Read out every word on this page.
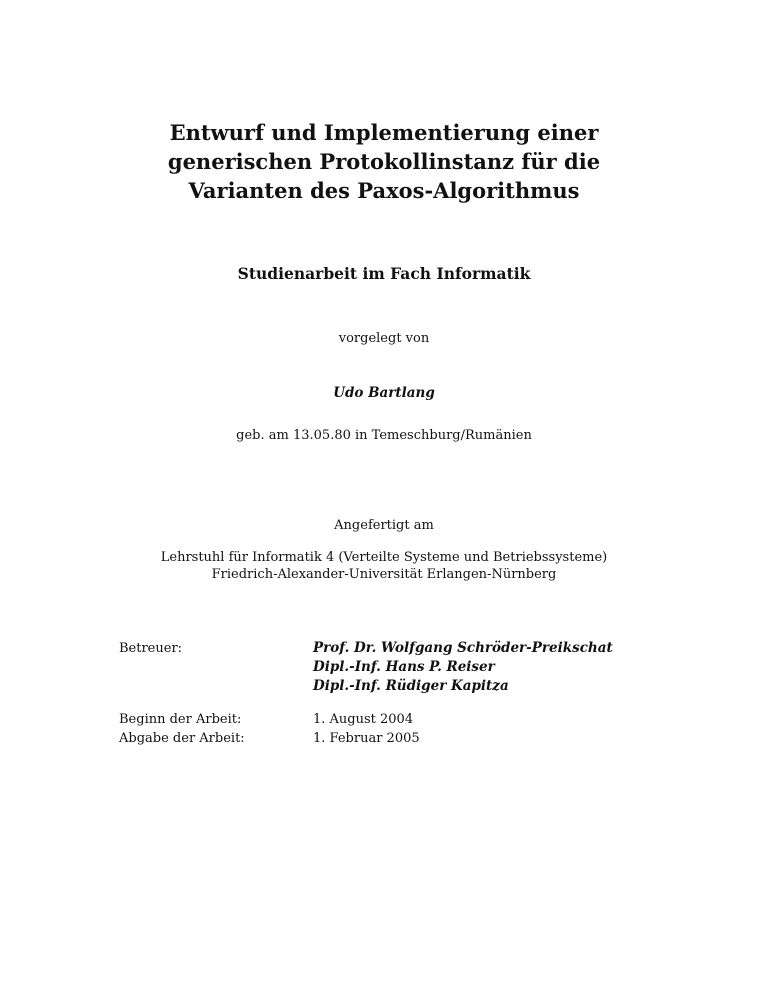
Entwurf und Implementierung einer
generischen Protokollinstanz für die
Varianten des Paxos-Algorithmus
Studienarbeit im Fach Informatik
vorgelegt von
Udo Bartlang
geb. am 13.05.80 in Temeschburg/Rumänien
Angefertigt am
Lehrstuhl für Informatik 4 (Verteilte Systeme und Betriebssysteme)
Friedrich-Alexander-Universität Erlangen-Nürnberg
Betreuer:	Prof. Dr. Wolfgang Schröder-Preikschat
Dipl.-Inf. Hans P. Reiser
Dipl.-Inf. Rüdiger Kapitza
Beginn der Arbeit:	1. August 2004
Abgabe der Arbeit:	1. Februar 2005
